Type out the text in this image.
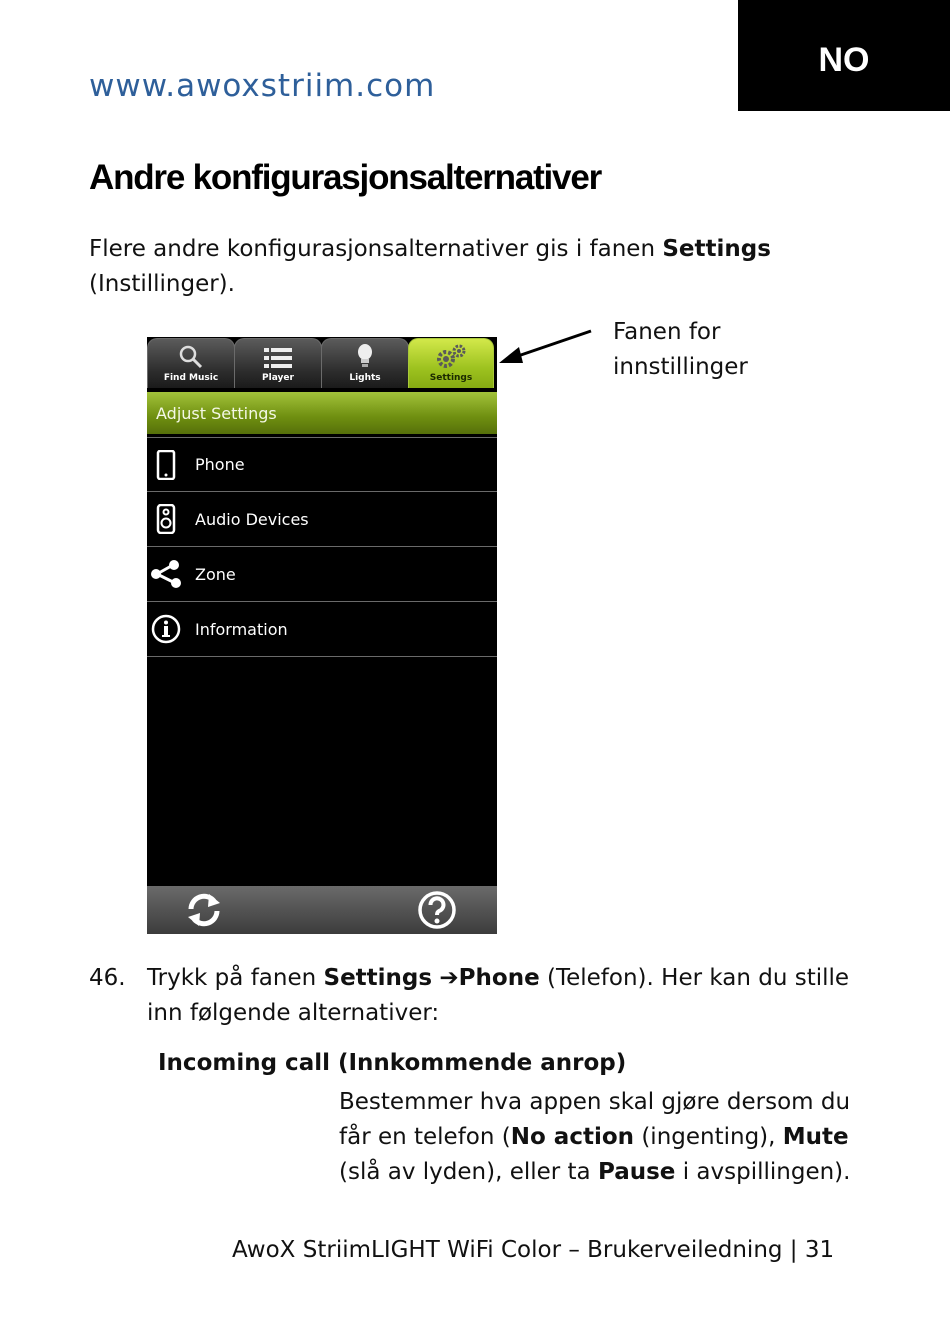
www.awoxstriim.com
NO
Andre konfigurasjonsalternativer

Flere andre konfigurasjonsalternativer gis i fanen Settings
(Instillinger).

Fanen for
innstillinger
Find Music	Player	Lights	Settings
Adjust Settings
Phone
Audio Devices
Zone
Information
46. Trykk på fanen Settings ➔Phone (Telefon). Her kan du stille inn følgende alternativer:

Incoming call (Innkommende anrop)

Bestemmer hva appen skal gjøre dersom du får en telefon (No action (ingenting), Mute (slå av lyden), eller ta Pause i avspillingen).

AwoX StriimLIGHT WiFi Color – Brukerveiledning | 31
